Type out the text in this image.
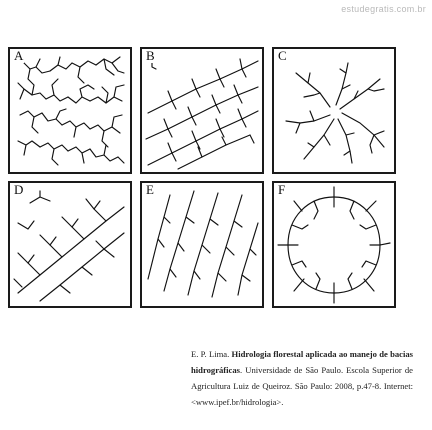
estudegratis.com.br
A	B	C
D	E	F
E. P. Lima. Hidrologia florestal aplicada ao manejo de bacias hidrográficas. Universidade de São Paulo. Escola Superior de Agricultura Luiz de Queiroz. São Paulo: 2008, p.47-8. Internet: <www.ipef.br/hidrologia>.
